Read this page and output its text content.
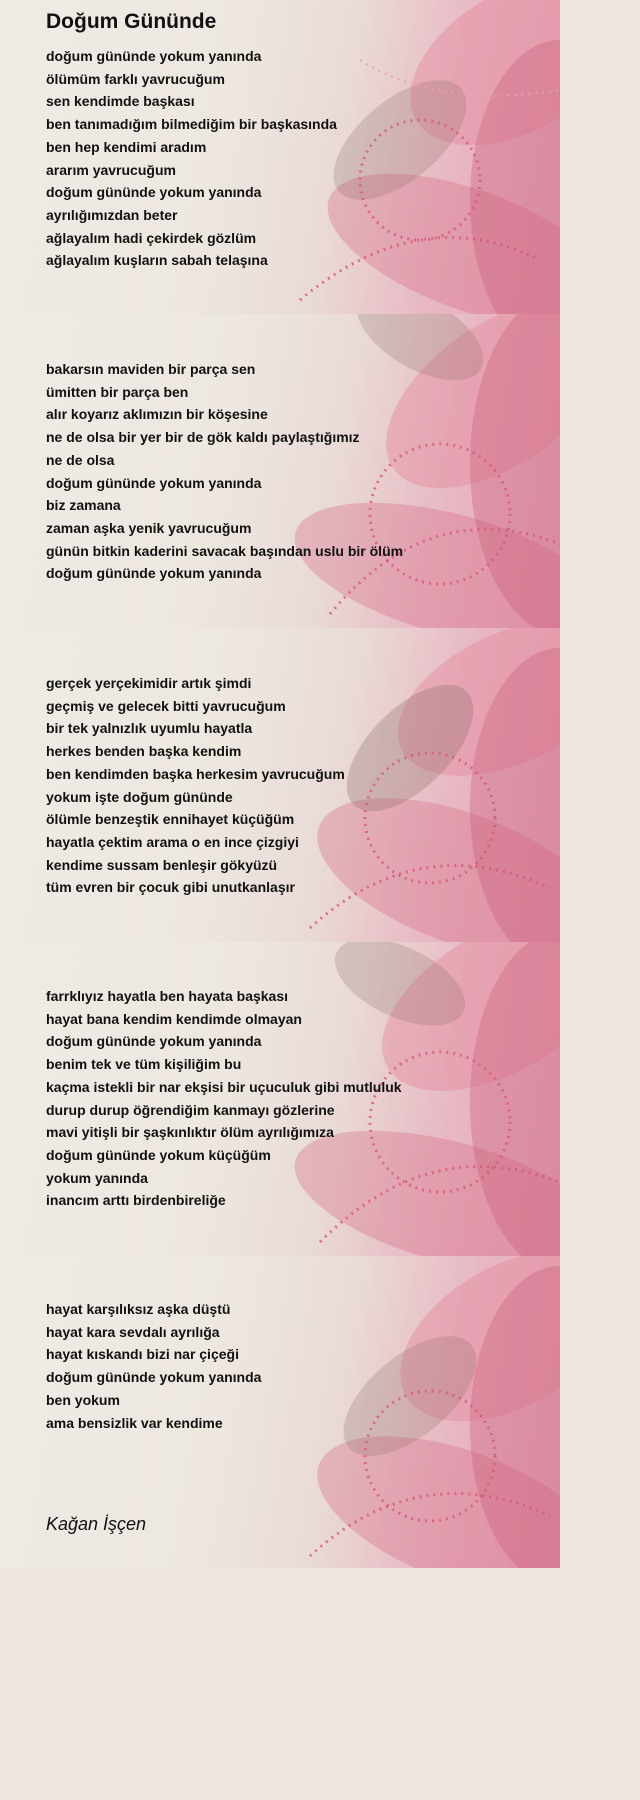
Doğum Gününde
doğum gününde yokum yanında
ölümüm farklı yavrucuğum
sen kendimde başkası
ben tanımadığım bilmediğim bir başkasında
ben hep kendimi aradım
ararım yavrucuğum
doğum gününde yokum yanında
ayrılığımızdan beter
ağlayalım hadi çekirdek gözlüm
ağlayalım kuşların sabah telaşına
bakarsın maviden bir parça sen
ümitten bir parça ben
alır koyarız aklımızın bir köşesine
ne de olsa bir yer bir de gök kaldı paylaştığımız
ne de olsa
doğum gününde yokum yanında
biz zamana
zaman aşka yenik yavrucuğum
günün bitkin kaderini savacak başından uslu bir ölüm
doğum gününde yokum yanında
gerçek yerçekimidir artık şimdi
geçmiş ve gelecek bitti yavrucuğum
bir tek yalnızlık uyumlu hayatla
herkes benden başka kendim
ben kendimden başka herkesim yavrucuğum
yokum işte doğum gününde
ölümle benzeştik ennihayet küçüğüm
hayatla çektim arama o en ince çizgiyi
kendime sussam benleşir gökyüzü
tüm evren bir çocuk gibi unutkanlaşır
farrklıyız hayatla ben hayata başkası
hayat bana kendim kendimde olmayan
doğum gününde yokum yanında
benim tek ve tüm kişiliğim bu
kaçma istekli bir nar ekşisi bir uçuculuk gibi mutluluk
durup durup öğrendiğim kanmayı gözlerine
mavi yitişli bir şaşkınlıktır ölüm ayrılığımıza
doğum gününde yokum küçüğüm
yokum yanında
inancım arttı birdenbireliğe
hayat karşılıksız aşka düştü
hayat kara sevdalı ayrılığa
hayat kıskandı bizi nar çiçeği
doğum gününde yokum yanında
ben yokum
ama bensizlik var kendime
Kağan İşçen
